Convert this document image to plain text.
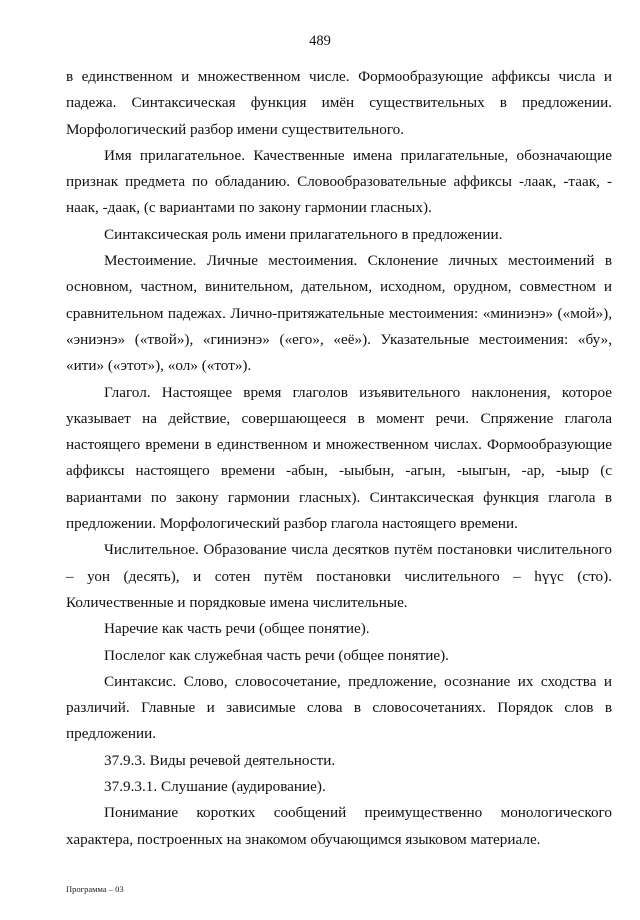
489

в единственном и множественном числе. Формообразующие аффиксы числа и падежа. Синтаксическая функция имён существительных в предложении. Морфологический разбор имени существительного.

Имя прилагательное. Качественные имена прилагательные, обозначающие признак предмета по обладанию. Словообразовательные аффиксы -лаак, -таак, - наак, -даак, (с вариантами по закону гармонии гласных).

Синтаксическая роль имени прилагательного в предложении.

Местоимение. Личные местоимения. Склонение личных местоимений в основном, частном, винительном, дательном, исходном, орудном, совместном и сравнительном падежах. Лично-притяжательные местоимения: «миниэнэ» («мой»), «эниэнэ» («твой»), «гиниэнэ» («его», «её»). Указательные местоимения: «бу», «ити» («этот»), «ол» («тот»).

Глагол. Настоящее время глаголов изъявительного наклонения, которое указывает на действие, совершающееся в момент речи. Спряжение глагола настоящего времени в единственном и множественном числах. Формообразующие аффиксы настоящего времени -абын, -ыыбын, -агын, -ыыгын, -ар, -ыыр (с вариантами по закону гармонии гласных). Синтаксическая функция глагола в предложении. Морфологический разбор глагола настоящего времени.

Числительное. Образование числа десятков путём постановки числительного – уон (десять), и сотен путём постановки числительного – һүүс (сто). Количественные и порядковые имена числительные.

Наречие как часть речи (общее понятие).

Послелог как служебная часть речи (общее понятие).

Синтаксис. Слово, словосочетание, предложение, осознание их сходства и различий. Главные и зависимые слова в словосочетаниях. Порядок слов в предложении.

37.9.3. Виды речевой деятельности.

37.9.3.1. Слушание (аудирование).

Понимание коротких сообщений преимущественно монологического характера, построенных на знакомом обучающимся языковом материале.

Программа – 03
